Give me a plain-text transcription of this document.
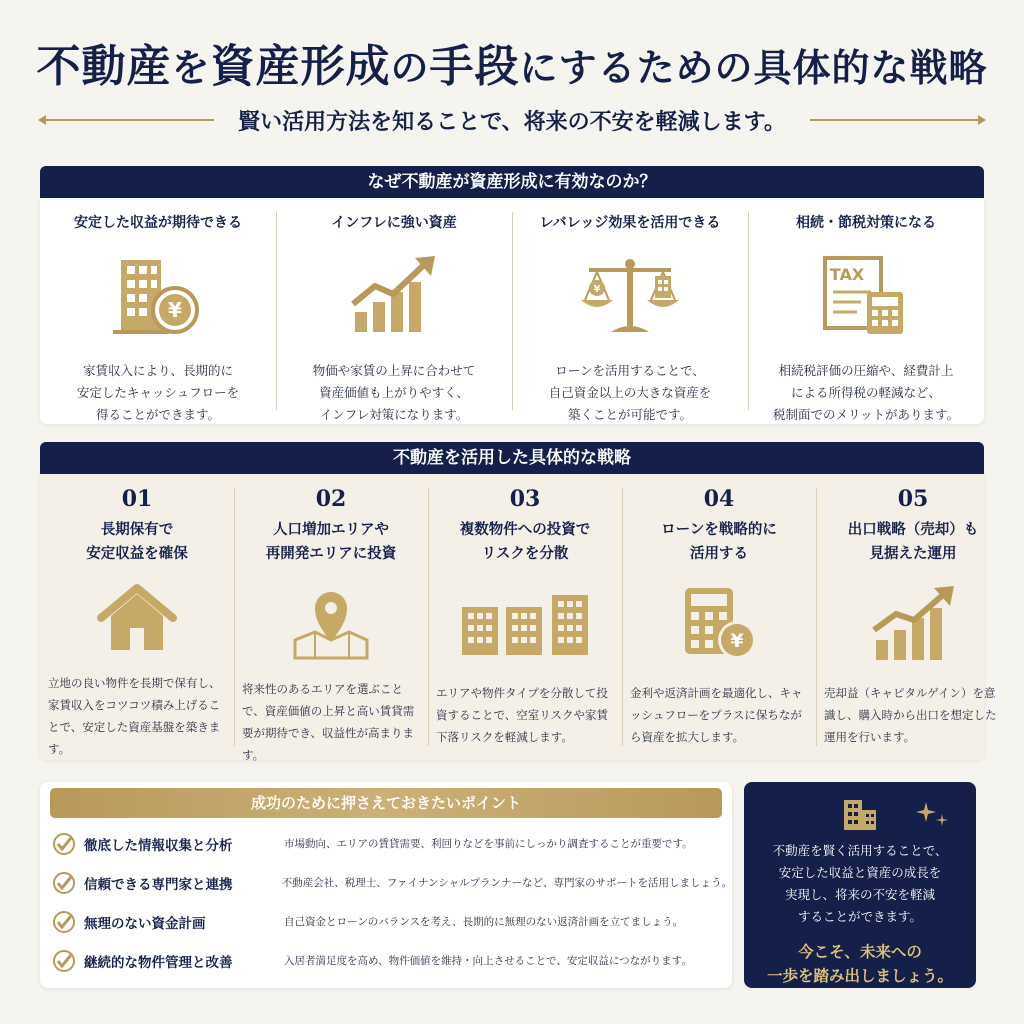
不動産を資産形成の手段にするための具体的な戦略
賢い活用方法を知ることで、将来の不安を軽減します。
なぜ不動産が資産形成に有効なのか？
安定した収益が期待できる
¥
家賃収入により、長期的に
安定したキャッシュフローを
得ることができます。
インフレに強い資産
物価や家賃の上昇に合わせて
資産価値も上がりやすく、
インフレ対策になります。
レバレッジ効果を活用できる
¥
ローンを活用することで、
自己資金以上の大きな資産を
築くことが可能です。
相続・節税対策になる
TAX
相続税評価の圧縮や、経費計上
による所得税の軽減など、
税制面でのメリットがあります。
不動産を活用した具体的な戦略
01
長期保有で
安定収益を確保
立地の良い物件を長期で保有し、家賃収入をコツコツ積み上げることで、安定した資産基盤を築きます。
02
人口増加エリアや
再開発エリアに投資
将来性のあるエリアを選ぶことで、資産価値の上昇と高い賃貸需要が期待でき、収益性が高まります。
03
複数物件への投資で
リスクを分散
エリアや物件タイプを分散して投資することで、空室リスクや家賃下落リスクを軽減します。
04
ローンを戦略的に
活用する
¥
金利や返済計画を最適化し、キャッシュフローをプラスに保ちながら資産を拡大します。
05
出口戦略（売却）も
見据えた運用
売却益（キャピタルゲイン）を意識し、購入時から出口を想定した運用を行います。
成功のために押さえておきたいポイント
徹底した情報収集と分析	市場動向、エリアの賃貸需要、利回りなどを事前にしっかり調査することが重要です。
信頼できる専門家と連携	不動産会社、税理士、ファイナンシャルプランナーなど、専門家のサポートを活用しましょう。
無理のない資金計画	自己資金とローンのバランスを考え、長期的に無理のない返済計画を立てましょう。
継続的な物件管理と改善	入居者満足度を高め、物件価値を維持・向上させることで、安定収益につながります。
不動産を賢く活用することで、
安定した収益と資産の成長を
実現し、将来の不安を軽減
することができます。
今こそ、未来への
一歩を踏み出しましょう。
